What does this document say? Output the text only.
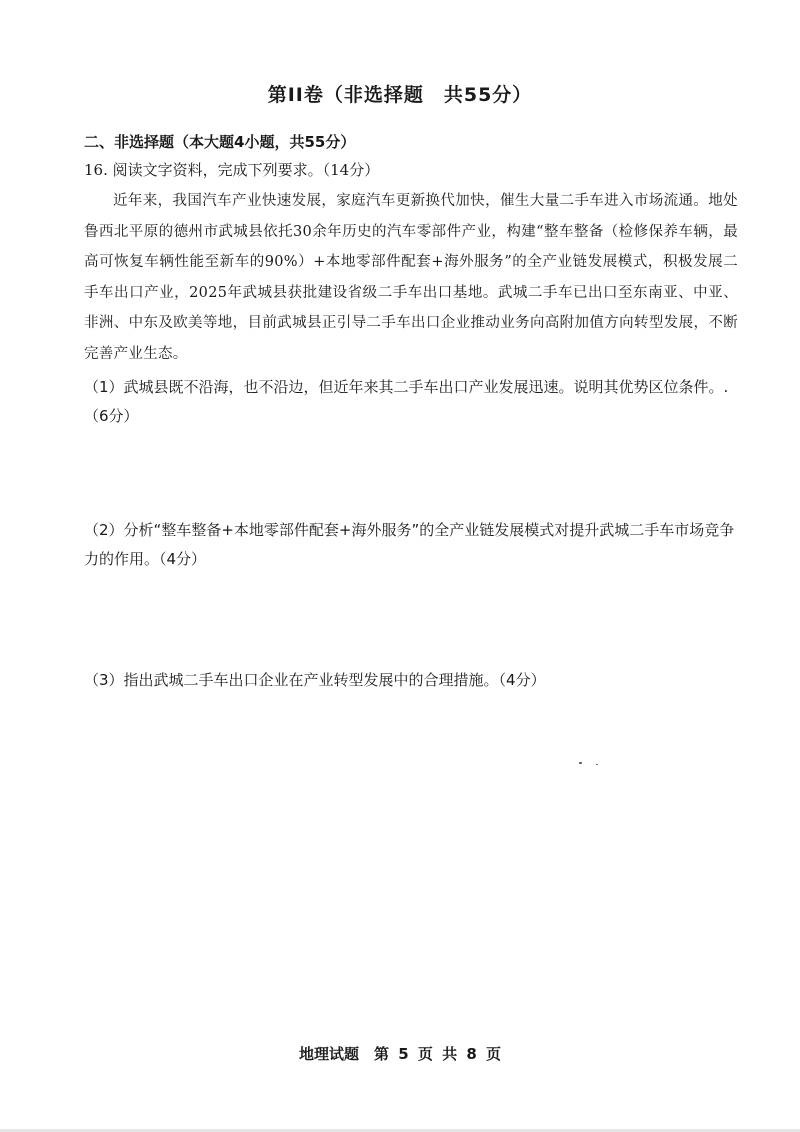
第II卷（非选择题　共55分）

二、非选择题（本大题4小题，共55分）

16. 阅读文字资料，完成下列要求。（14分）

近年来，我国汽车产业快速发展，家庭汽车更新换代加快，催生大量二手车进入市场流通。地处鲁西北平原的德州市武城县依托30余年历史的汽车零部件产业，构建“整车整备（检修保养车辆，最高可恢复车辆性能至新车的90%）+本地零部件配套+海外服务”的全产业链发展模式，积极发展二手车出口产业，2025年武城县获批建设省级二手车出口基地。武城二手车已出口至东南亚、中亚、非洲、中东及欧美等地，目前武城县正引导二手车出口企业推动业务向高附加值方向转型发展，不断完善产业生态。

（1）武城县既不沿海，也不沿边，但近年来其二手车出口产业发展迅速。说明其优势区位条件。.（6分）

（2）分析“整车整备+本地零部件配套+海外服务”的全产业链发展模式对提升武城二手车市场竞争力的作用。（4分）

（3）指出武城二手车出口企业在产业转型发展中的合理措施。（4分）

地理试题　第 5 页 共 8 页
